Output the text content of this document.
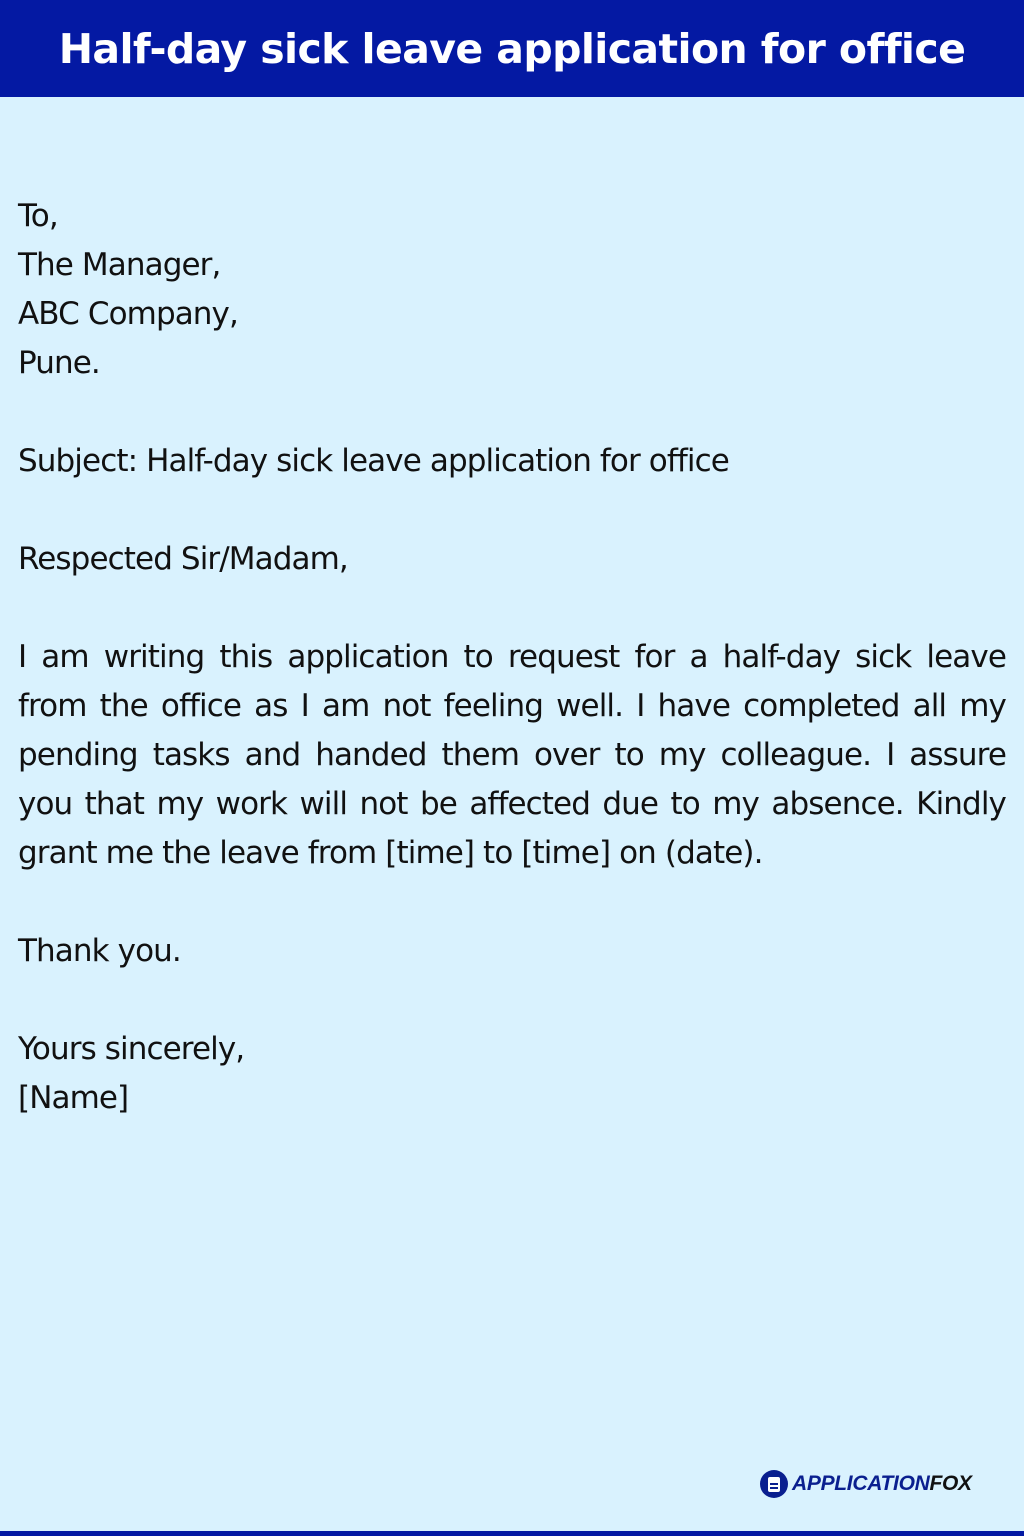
Half-day sick leave application for office
To,
The Manager,
ABC Company,
Pune.
Subject: Half-day sick leave application for office
Respected Sir/Madam,

I am writing this application to request for a half-day sick leave from the office as I am not feeling well. I have completed all my pending tasks and handed them over to my colleague. I assure you that my work will not be affected due to my absence. Kindly grant me the leave from [time] to [time] on (date).

Thank you.
Yours sincerely,
[Name]
APPLICATIONFOX
